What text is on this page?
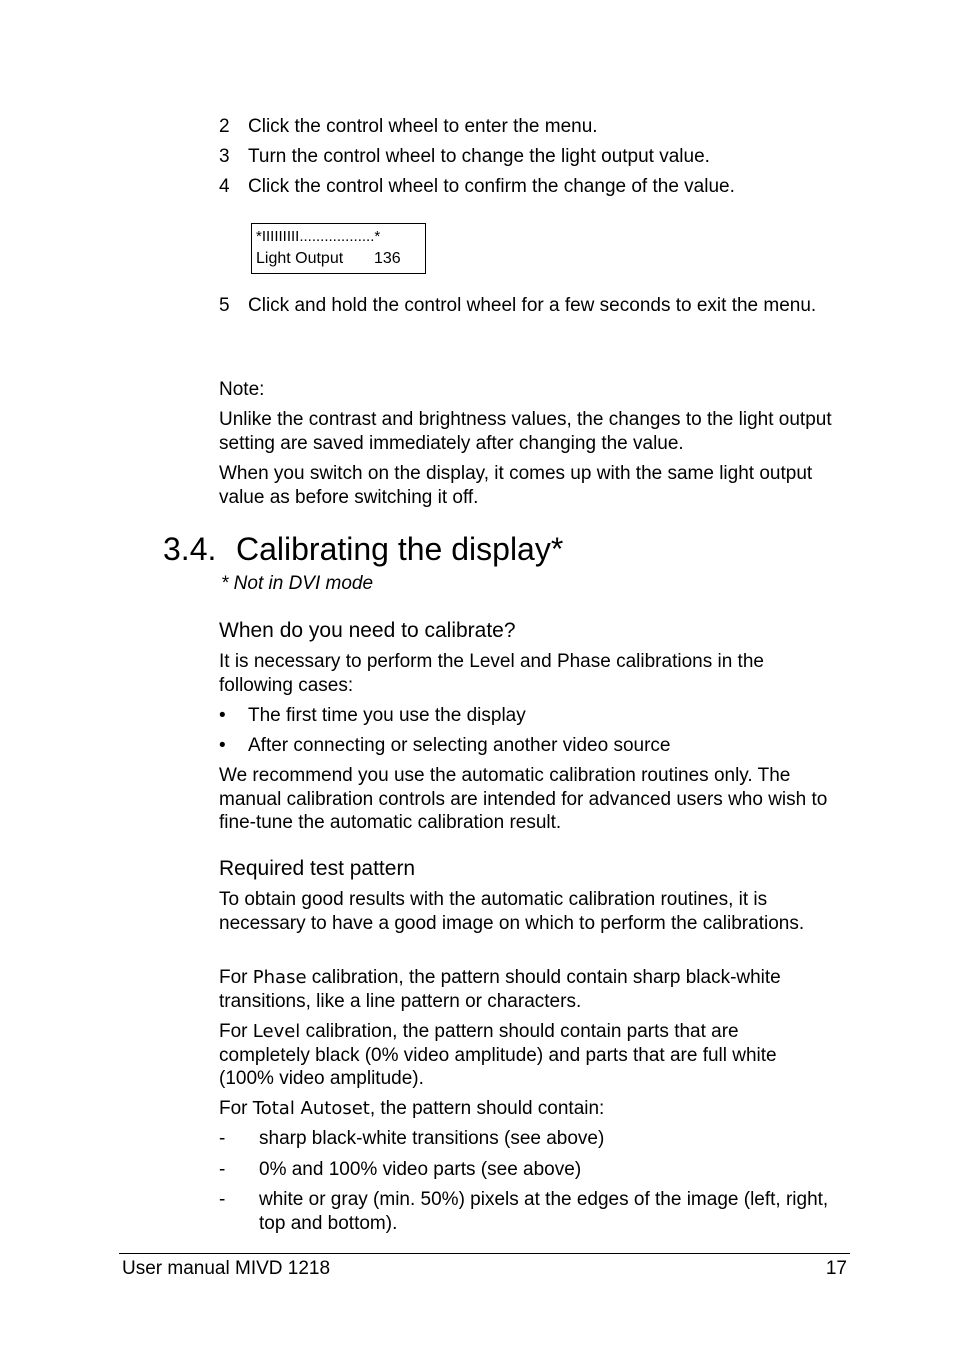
2 Click the control wheel to enter the menu.
3 Turn the control wheel to change the light output value.
4 Click the control wheel to confirm the change of the value.
*IIIIIIIII..................*
Light Output 136
5 Click and hold the control wheel for a few seconds to exit the menu.
Note:
Unlike the contrast and brightness values, the changes to the light output setting are saved immediately after changing the value.
When you switch on the display, it comes up with the same light output value as before switching it off.
3.4. Calibrating the display*
* Not in DVI mode
When do you need to calibrate?
It is necessary to perform the Level and Phase calibrations in the following cases:
•	The first time you use the display
•	After connecting or selecting another video source
We recommend you use the automatic calibration routines only. The manual calibration controls are intended for advanced users who wish to fine-tune the automatic calibration result.
Required test pattern
To obtain good results with the automatic calibration routines, it is necessary to have a good image on which to perform the calibrations.
For Phase calibration, the pattern should contain sharp black-white transitions, like a line pattern or characters.
For Level calibration, the pattern should contain parts that are completely black (0% video amplitude) and parts that are full white (100% video amplitude).
For Total Autoset, the pattern should contain:
-	sharp black-white transitions (see above)
-	0% and 100% video parts (see above)
-	white or gray (min. 50%) pixels at the edges of the image (left, right, top and bottom).
User manual MIVD 1218	17
